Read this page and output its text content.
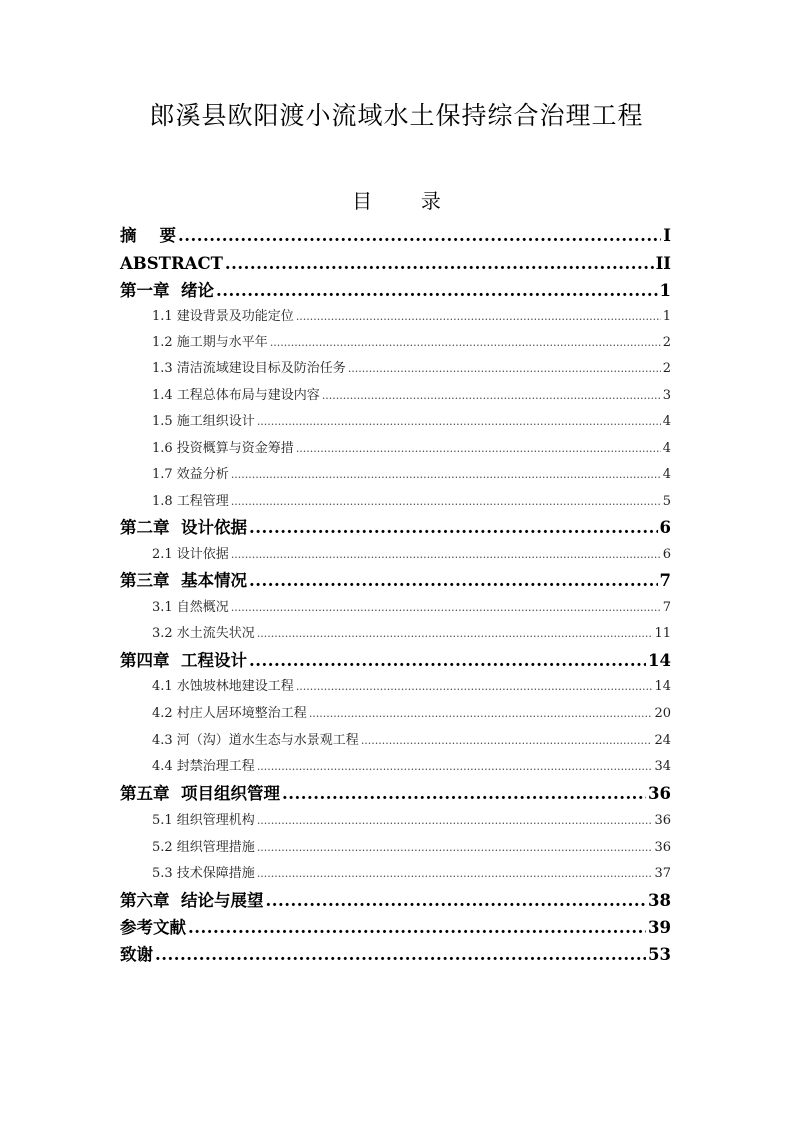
郎溪县欧阳渡小流域水土保持综合治理工程
目  录
摘    要 .....	I
ABSTRACT .....	II
第一章  绪论 .....	1
1.1 建设背景及功能定位 .....	1
1.2 施工期与水平年 .....	2
1.3 清洁流域建设目标及防治任务 .....	2
1.4 工程总体布局与建设内容 .....	3
1.5 施工组织设计 .....	4
1.6 投资概算与资金筹措 .....	4
1.7 效益分析 .....	4
1.8 工程管理 .....	5
第二章  设计依据 .....	6
2.1 设计依据 .....	6
第三章  基本情况 .....	7
3.1 自然概况 .....	7
3.2 水土流失状况 .....	11
第四章  工程设计 .....	14
4.1 水蚀坡林地建设工程 .....	14
4.2 村庄人居环境整治工程 .....	20
4.3 河（沟）道水生态与水景观工程 .....	24
4.4 封禁治理工程 .....	34
第五章  项目组织管理 .....	36
5.1 组织管理机构 .....	36
5.2 组织管理措施 .....	36
5.3 技术保障措施 .....	37
第六章  结论与展望 .....	38
参考文献 .....	39
致谢 .....	53
